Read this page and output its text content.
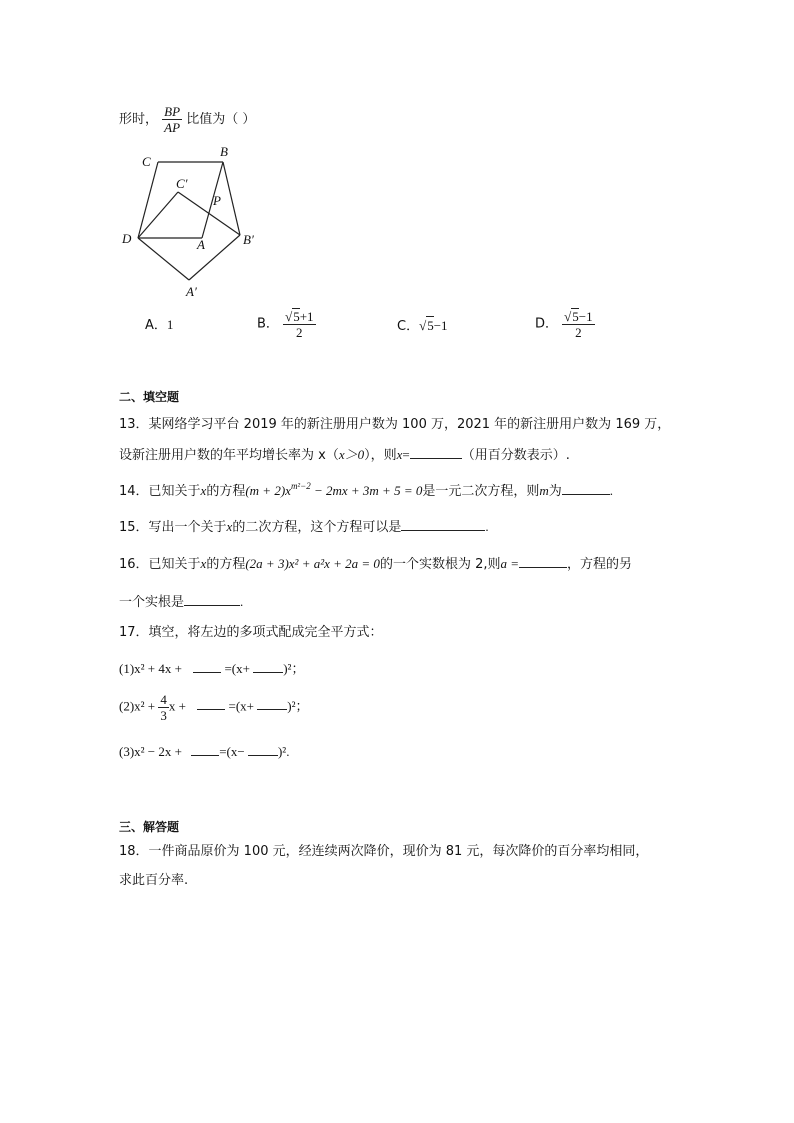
形时， $\frac{BP}{AP}$ 比值为（ ）
C
B
C′
P
D	A	B′
A′
A．1	B． $\frac{√5+1}{2}$	C．√5−1	D． $\frac{√5-1}{2}$
二、填空题
13．某网络学习平台 2019 年的新注册用户数为 100 万，2021 年的新注册用户数为 169 万，
设新注册用户数的年平均增长率为 x（x＞0），则x=	（用百分数表示）.
14．已知关于x的方程$(m + 2)x^{m^2-2} - 2mx + 3m + 5 = 0$是一元二次方程，则m为	.
15．写出一个关于x的二次方程，这个方程可以是	.
16．已知关于x的方程(2a + 3)x² + a²x + 2a = 0的一个实数根为 2,则a =	，方程的另
一个实根是	.
17．填空，将左边的多项式配成完全平方式：
(1)x² + 4x +	=(x+ )²；
$(2)x^2 + \frac{4}{3}$ x +	=(x+ )²；
(3)x² − 2x +	=(x− )².
三、解答题
18．一件商品原价为 100 元，经连续两次降价，现价为 81 元，每次降价的百分率均相同，
求此百分率.
